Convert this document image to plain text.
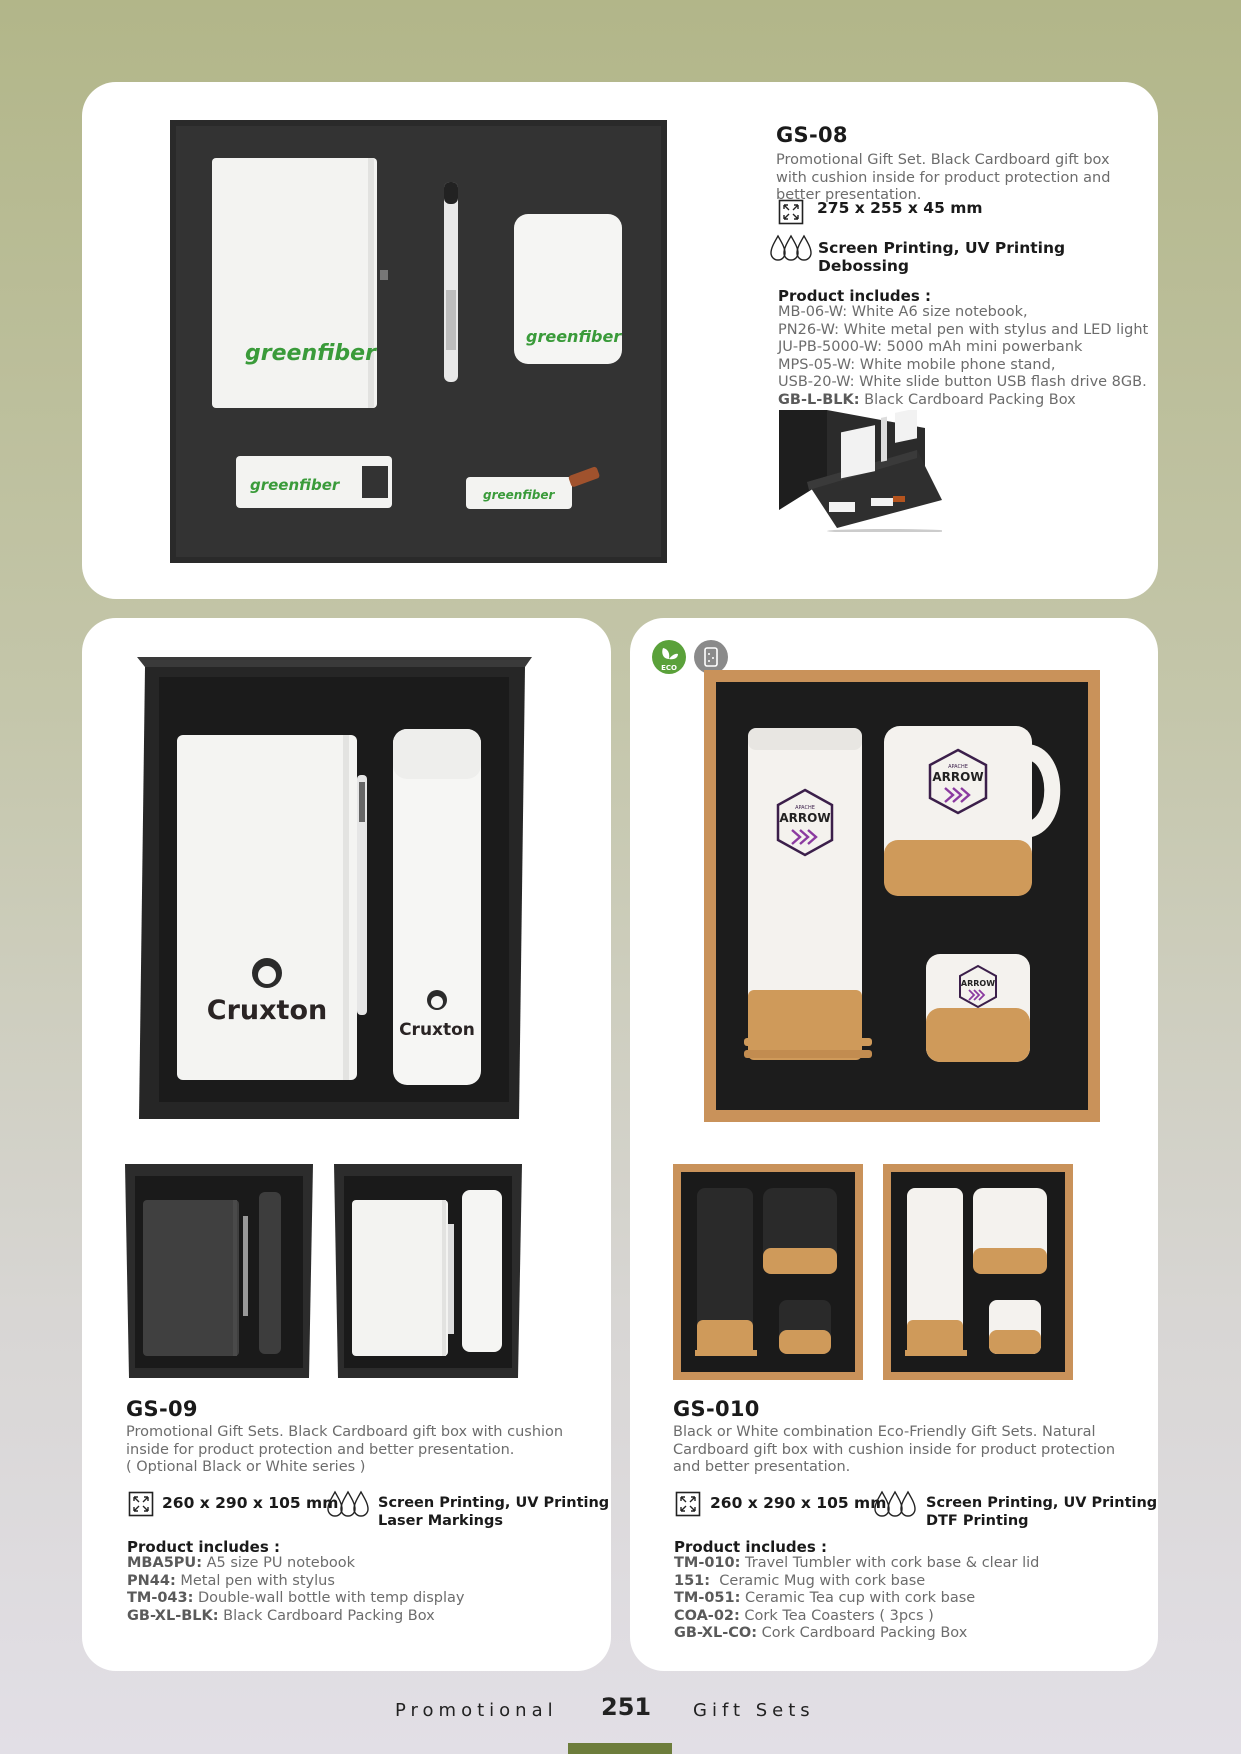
greenfiber
greenfiber
greenfiber
greenfiber
GS-08
Promotional Gift Set. Black Cardboard gift box
with cushion inside for product protection and
better presentation.
275 x 255 x 45 mm
Screen Printing, UV Printing
Debossing
Product includes :
MB-06-W: White A6 size notebook,
PN26-W: White metal pen with stylus and LED light
JU-PB-5000-W: 5000 mAh mini powerbank
MPS-05-W: White mobile phone stand,
USB-20-W: White slide button USB flash drive 8GB.
GB-L-BLK: Black Cardboard Packing Box
Cruxton
Cruxton
GS-09
Promotional Gift Sets. Black Cardboard gift box with cushion
inside for product protection and better presentation.
( Optional Black or White series )
260 x 290 x 105 mm	Screen Printing, UV Printing
Laser Markings
Product includes :
MBA5PU: A5 size PU notebook
PN44: Metal pen with stylus
TM-043: Double-wall bottle with temp display
GB-XL-BLK: Black Cardboard Packing Box
ECO
APACHE
ARROW
APACHE
ARROW
ARROW
GS-010
Black or White combination Eco-Friendly Gift Sets. Natural
Cardboard gift box with cushion inside for product protection
and better presentation.
260 x 290 x 105 mm	Screen Printing, UV Printing
DTF Printing
Product includes :
TM-010: Travel Tumbler with cork base & clear lid
151:  Ceramic Mug with cork base
TM-051: Ceramic Tea cup with cork base
COA-02: Cork Tea Coasters ( 3pcs )
GB-XL-CO: Cork Cardboard Packing Box
Promotional 251 Gift Sets
